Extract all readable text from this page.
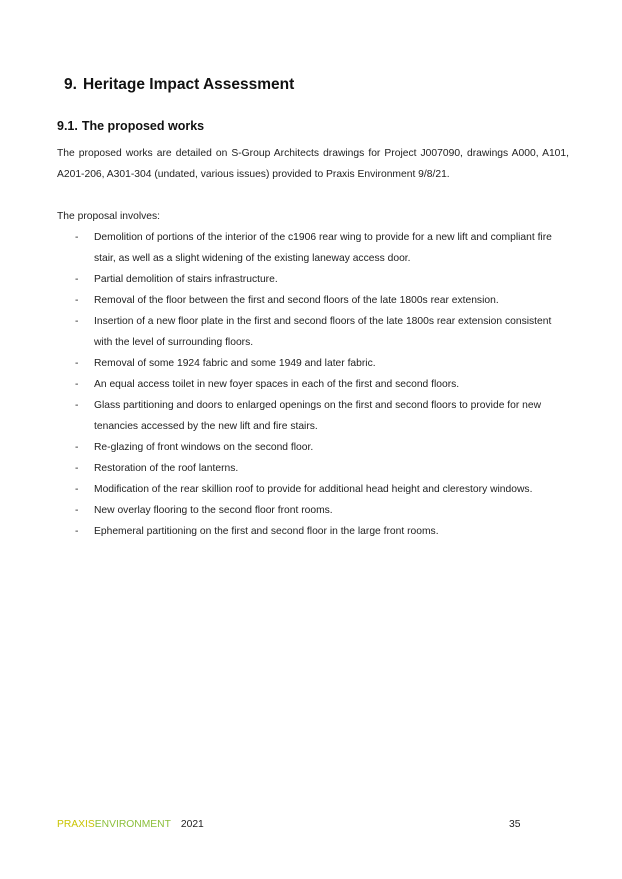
9. Heritage Impact Assessment
9.1. The proposed works
The proposed works are detailed on S-Group Architects drawings for Project J007090, drawings A000, A101, A201-206, A301-304 (undated, various issues) provided to Praxis Environment 9/8/21.
The proposal involves:
- Demolition of portions of the interior of the c1906 rear wing to provide for a new lift and compliant fire stair, as well as a slight widening of the existing laneway access door.
- Partial demolition of stairs infrastructure.
- Removal of the floor between the first and second floors of the late 1800s rear extension.
- Insertion of a new floor plate in the first and second floors of the late 1800s rear extension consistent with the level of surrounding floors.
- Removal of some 1924 fabric and some 1949 and later fabric.
- An equal access toilet in new foyer spaces in each of the first and second floors.
- Glass partitioning and doors to enlarged openings on the first and second floors to provide for new tenancies accessed by the new lift and fire stairs.
- Re-glazing of front windows on the second floor.
- Restoration of the roof lanterns.
- Modification of the rear skillion roof to provide for additional head height and clerestory windows.
- New overlay flooring to the second floor front rooms.
- Ephemeral partitioning on the first and second floor in the large front rooms.
PRAXISENVIRONMENT 2021	35
